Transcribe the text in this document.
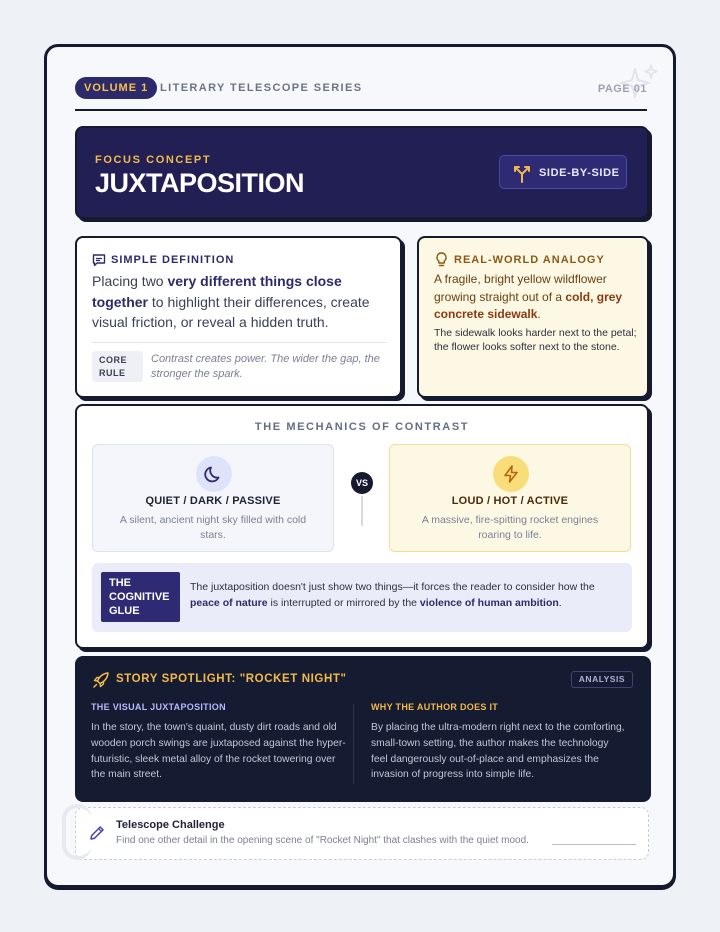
VOLUME 1	LITERARY TELESCOPE SERIES	PAGE 01
FOCUS CONCEPT
JUXTAPOSITION	SIDE-BY-SIDE
SIMPLE DEFINITION
Placing two very different things close together to highlight their differences, create visual friction, or reveal a hidden truth.
CORE RULE
Contrast creates power. The wider the gap, the stronger the spark.
REAL-WORLD ANALOGY
A fragile, bright yellow wildflower growing straight out of a cold, grey concrete sidewalk.
The sidewalk looks harder next to the petal; the flower looks softer next to the stone.
THE MECHANICS OF CONTRAST
QUIET / DARK / PASSIVE
A silent, ancient night sky filled with cold stars.
VS
LOUD / HOT / ACTIVE
A massive, fire-spitting rocket engines roaring to life.
THE COGNITIVE GLUE
The juxtaposition doesn't just show two things—it forces the reader to consider how the peace of nature is interrupted or mirrored by the violence of human ambition.
STORY SPOTLIGHT: "ROCKET NIGHT"	ANALYSIS
THE VISUAL JUXTAPOSITION
In the story, the town's quaint, dusty dirt roads and old wooden porch swings are juxtaposed against the hyper-futuristic, sleek metal alloy of the rocket towering over the main street.
WHY THE AUTHOR DOES IT
By placing the ultra-modern right next to the comforting, small-town setting, the author makes the technology feel dangerously out-of-place and emphasizes the invasion of progress into simple life.
Telescope Challenge
Find one other detail in the opening scene of "Rocket Night" that clashes with the quiet mood.
